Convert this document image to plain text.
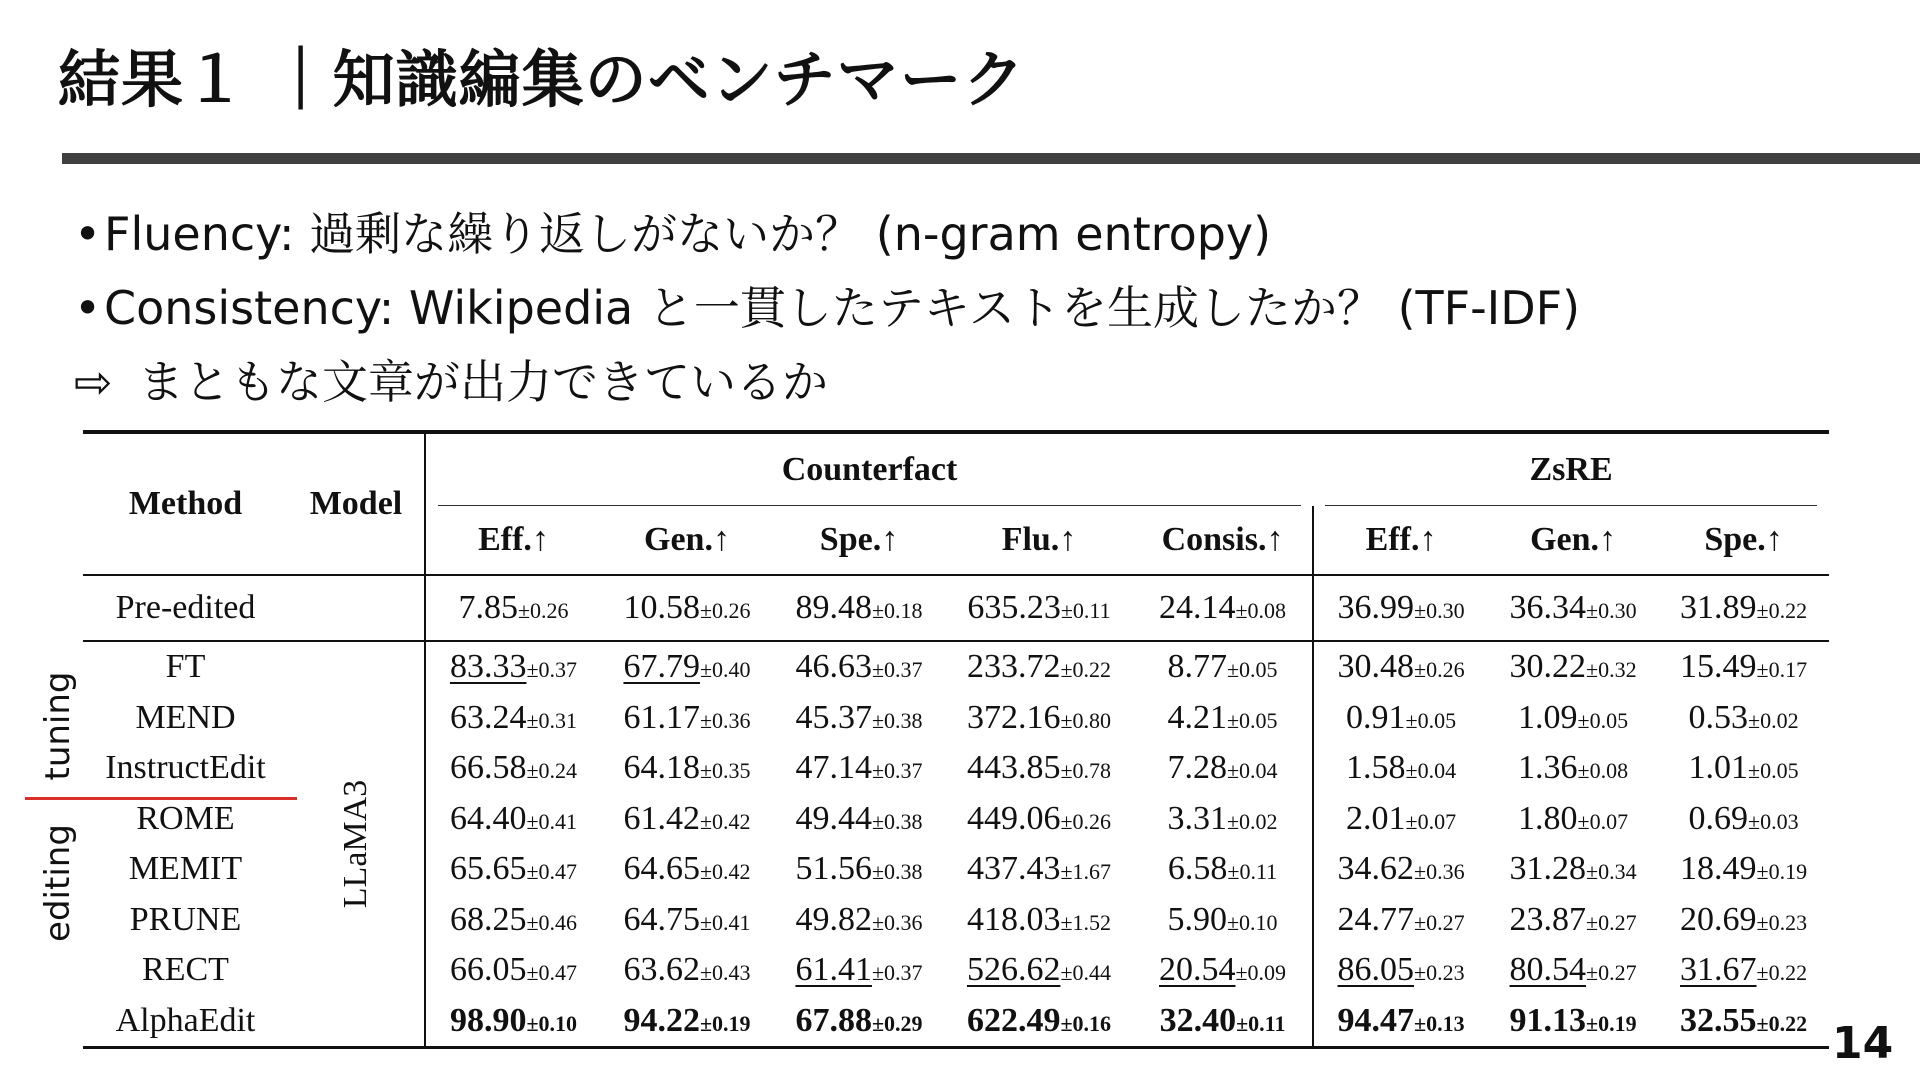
結果１ ｜知識編集のベンチマーク
•Fluency: 過剰な繰り返しがないか？ (n-gram entropy)
•Consistency: Wikipedia と一貫したテキストを生成したか？ (TF-IDF)
⇨ まともな文章が出力できているか
Method	Model	Counterfact					ZsRE		
		Eff.↑	Gen.↑	Spe.↑	Flu.↑	Consis.↑	Eff.↑	Gen.↑	Spe.↑
Pre-edited		7.85±0.26	10.58±0.26	89.48±0.18	635.23±0.11	24.14±0.08	36.99±0.30	36.34±0.30	31.89±0.22
FT	LLaMA3	83.33±0.37	67.79±0.40	46.63±0.37	233.72±0.22	8.77±0.05	30.48±0.26	30.22±0.32	15.49±0.17
MEND		63.24±0.31	61.17±0.36	45.37±0.38	372.16±0.80	4.21±0.05	0.91±0.05	1.09±0.05	0.53±0.02
InstructEdit		66.58±0.24	64.18±0.35	47.14±0.37	443.85±0.78	7.28±0.04	1.58±0.04	1.36±0.08	1.01±0.05
ROME		64.40±0.41	61.42±0.42	49.44±0.38	449.06±0.26	3.31±0.02	2.01±0.07	1.80±0.07	0.69±0.03
MEMIT		65.65±0.47	64.65±0.42	51.56±0.38	437.43±1.67	6.58±0.11	34.62±0.36	31.28±0.34	18.49±0.19
PRUNE		68.25±0.46	64.75±0.41	49.82±0.36	418.03±1.52	5.90±0.10	24.77±0.27	23.87±0.27	20.69±0.23
RECT		66.05±0.47	63.62±0.43	61.41±0.37	526.62±0.44	20.54±0.09	86.05±0.23	80.54±0.27	31.67±0.22
AlphaEdit		98.90±0.10	94.22±0.19	67.88±0.29	622.49±0.16	32.40±0.11	94.47±0.13	91.13±0.19	32.55±0.22
tuning
editing
14
